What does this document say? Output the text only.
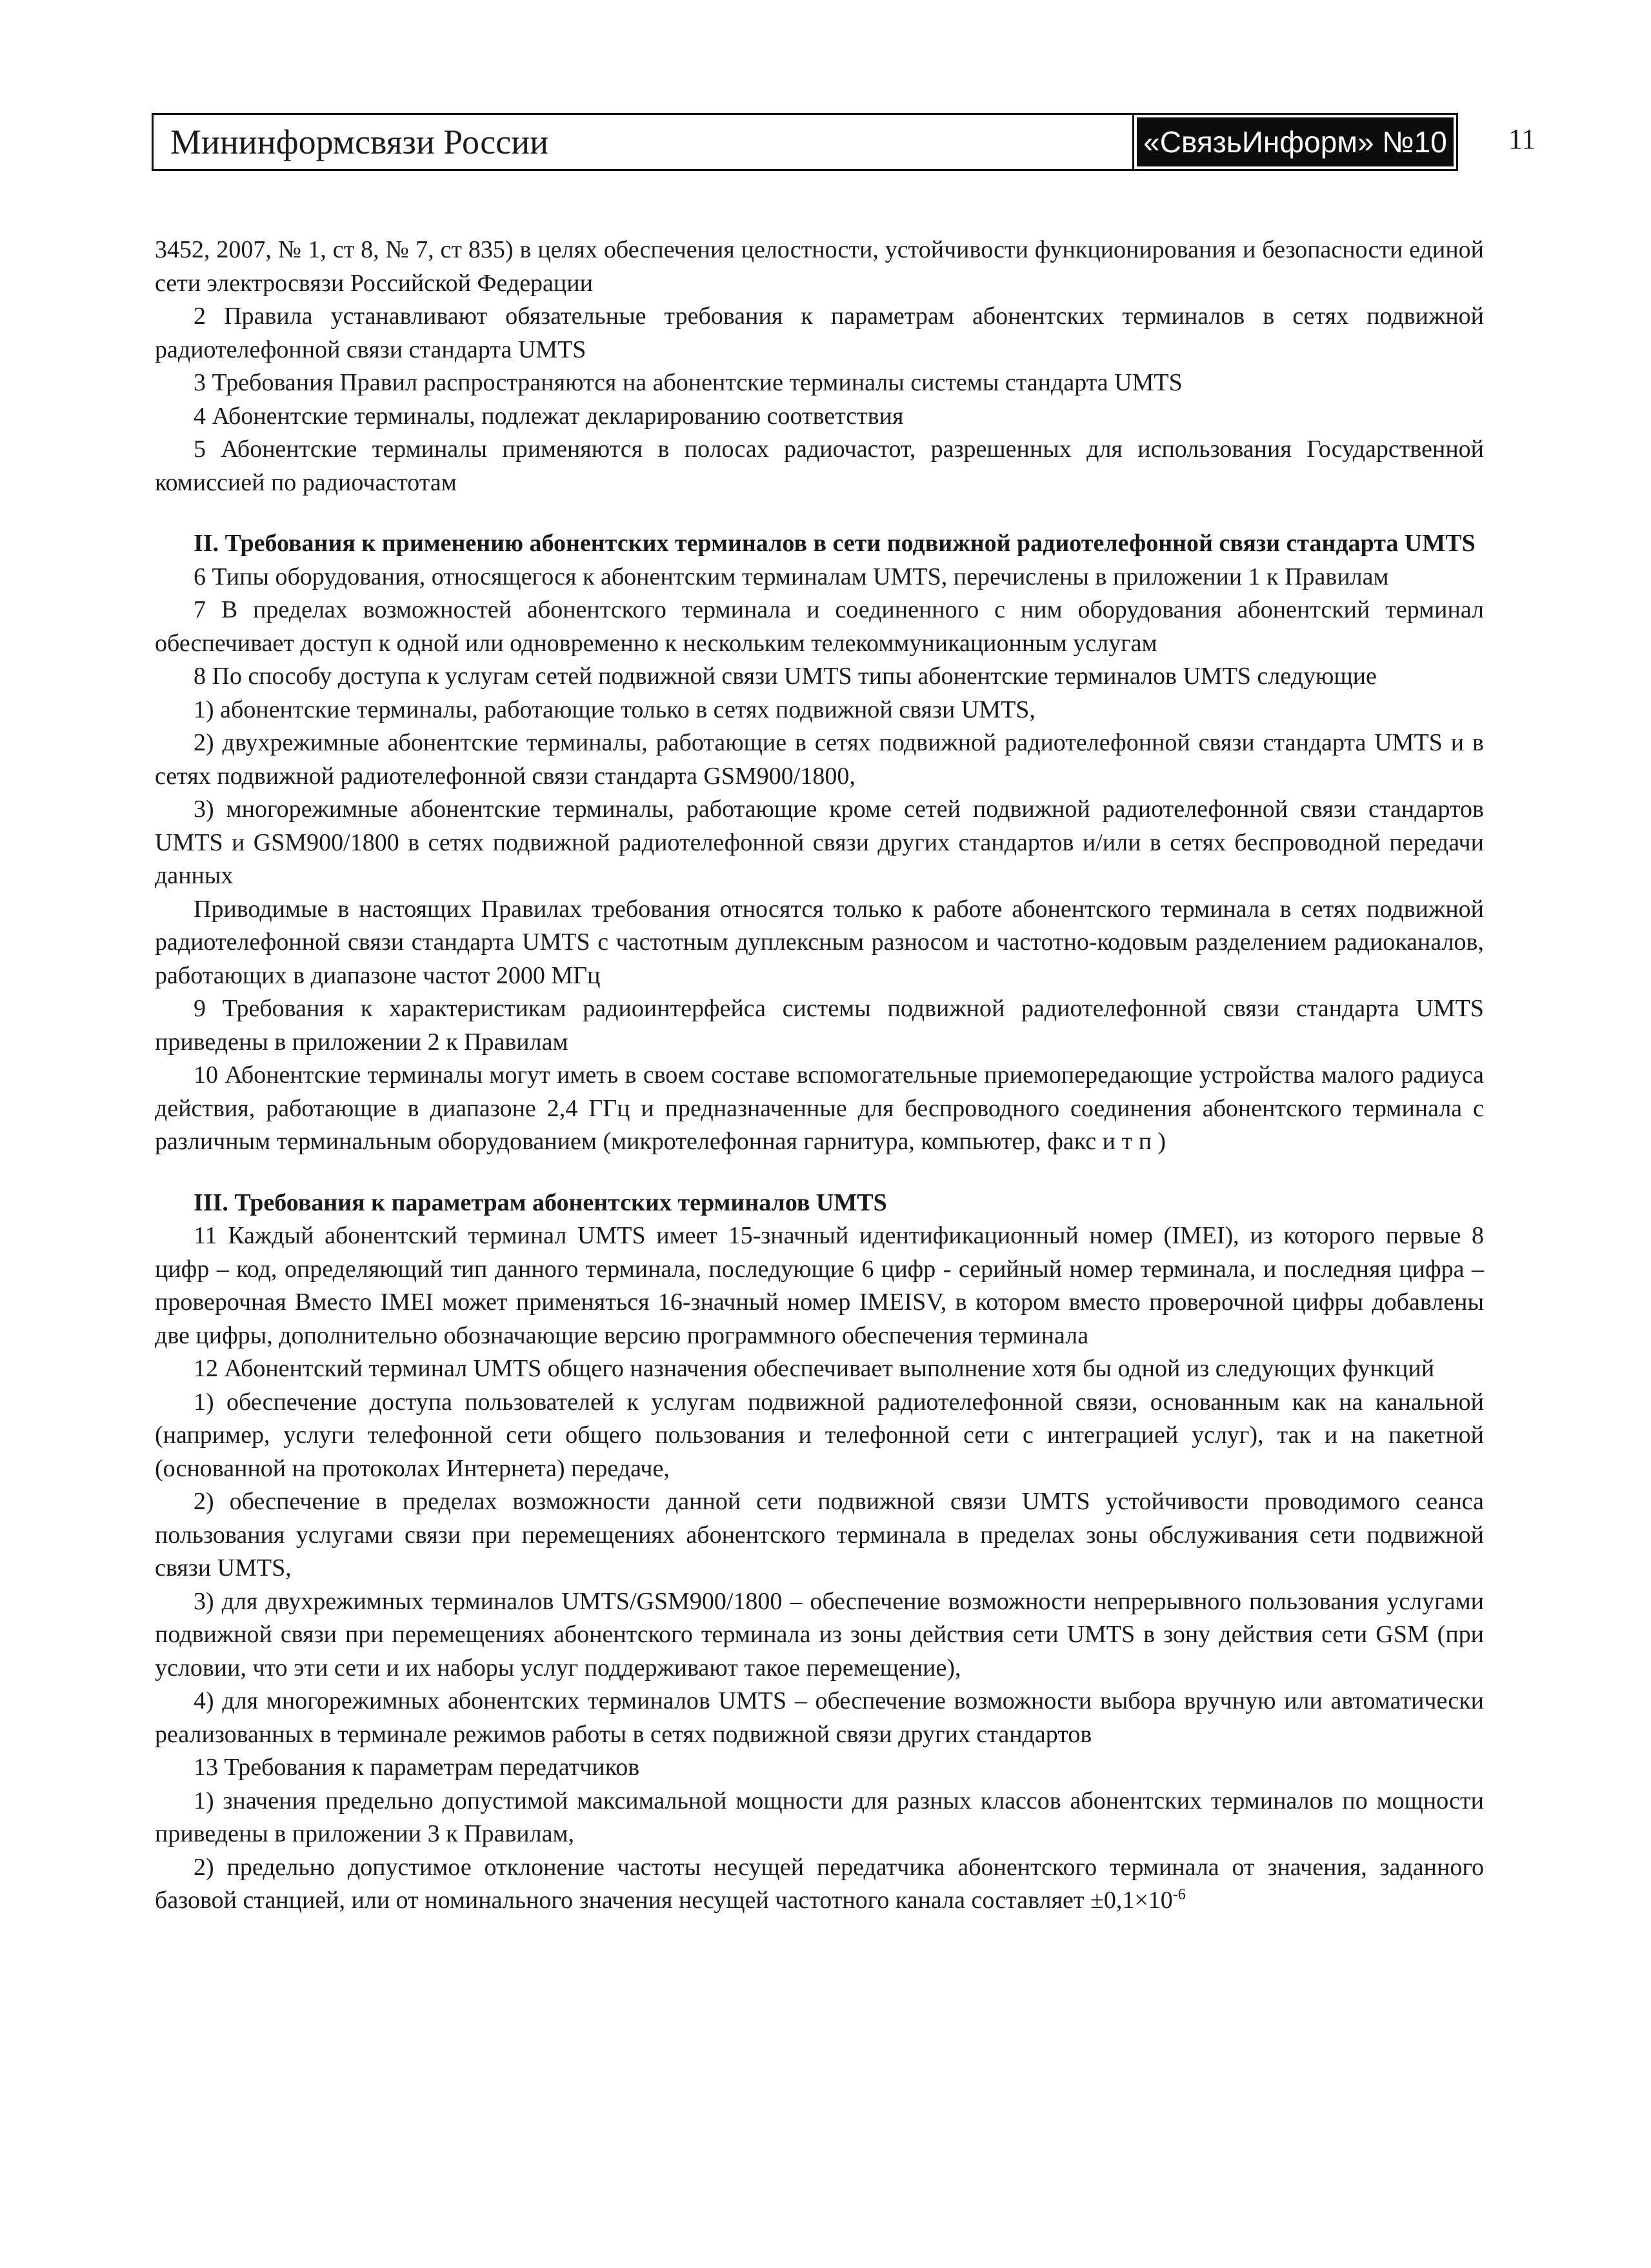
Мининформсвязи России	«СвязьИнформ» №10 11

3452, 2007, № 1, ст 8, № 7, ст 835) в целях обеспечения целостности, устойчивости функционирования и безопасности единой сети электросвязи Российской Федерации

2 Правила устанавливают обязательные требования к параметрам абонентских терминалов в сетях подвижной радиотелефонной связи стандарта UMTS

3 Требования Правил распространяются на абонентские терминалы системы стандарта UMTS

4 Абонентские терминалы, подлежат декларированию соответствия

5 Абонентские терминалы применяются в полосах радиочастот, разрешенных для использования Государственной комиссией по радиочастотам

II. Требования к применению абонентских терминалов в сети подвижной радиотелефонной связи стандарта UMTS

6 Типы оборудования, относящегося к абонентским терминалам UMTS, перечислены в приложении 1 к Правилам

7 В пределах возможностей абонентского терминала и соединенного с ним оборудования абонентский терминал обеспечивает доступ к одной или одновременно к нескольким телекоммуникационным услугам

8 По способу доступа к услугам сетей подвижной связи UMTS типы абонентские терминалов UMTS следующие

1) абонентские терминалы, работающие только в сетях подвижной связи UMTS,

2) двухрежимные абонентские терминалы, работающие в сетях подвижной радиотелефонной связи стандарта UMTS и в сетях подвижной радиотелефонной связи стандарта GSM900/1800,

3) многорежимные абонентские терминалы, работающие кроме сетей подвижной радиотелефонной связи стандартов UMTS и GSM900/1800 в сетях подвижной радиотелефонной связи других стандартов и/или в сетях беспроводной передачи данных

Приводимые в настоящих Правилах требования относятся только к работе абонентского терминала в сетях подвижной радиотелефонной связи стандарта UMTS с частотным дуплексным разносом и частотно-кодовым разделением радиоканалов, работающих в диапазоне частот 2000 МГц

9 Требования к характеристикам радиоинтерфейса системы подвижной радиотелефонной связи стандарта UMTS приведены в приложении 2 к Правилам

10 Абонентские терминалы могут иметь в своем составе вспомогательные приемопередающие устройства малого радиуса действия, работающие в диапазоне 2,4 ГГц и предназначенные для беспроводного соединения абонентского терминала с различным терминальным оборудованием (микротелефонная гарнитура, компьютер, факс и т п )

III. Требования к параметрам абонентских терминалов UMTS

11 Каждый абонентский терминал UMTS имеет 15-значный идентификационный номер (IMEI), из которого первые 8 цифр – код, определяющий тип данного терминала, последующие 6 цифр - серийный номер терминала, и последняя цифра – проверочная Вместо IMEI может применяться 16-значный номер IMEISV, в котором вместо проверочной цифры добавлены две цифры, дополнительно обозначающие версию программного обеспечения терминала

12 Абонентский терминал UMTS общего назначения обеспечивает выполнение хотя бы одной из следующих функций

1) обеспечение доступа пользователей к услугам подвижной радиотелефонной связи, основанным как на канальной (например, услуги телефонной сети общего пользования и телефонной сети с интеграцией услуг), так и на пакетной (основанной на протоколах Интернета) передаче,

2) обеспечение в пределах возможности данной сети подвижной связи UMTS устойчивости проводимого сеанса пользования услугами связи при перемещениях абонентского терминала в пределах зоны обслуживания сети подвижной связи UMTS,

3) для двухрежимных терминалов UMTS/GSM900/1800 – обеспечение возможности непрерывного пользования услугами подвижной связи при перемещениях абонентского терминала из зоны действия сети UMTS в зону действия сети GSM (при условии, что эти сети и их наборы услуг поддерживают такое перемещение),

4) для многорежимных абонентских терминалов UMTS – обеспечение возможности выбора вручную или автоматически реализованных в терминале режимов работы в сетях подвижной связи других стандартов

13 Требования к параметрам передатчиков

1) значения предельно допустимой максимальной мощности для разных классов абонентских терминалов по мощности приведены в приложении 3 к Правилам,

2) предельно допустимое отклонение частоты несущей передатчика абонентского терминала от значения, заданного базовой станцией, или от номинального значения несущей частотного канала составляет $\pm 0,1\times 10^{-6}$
